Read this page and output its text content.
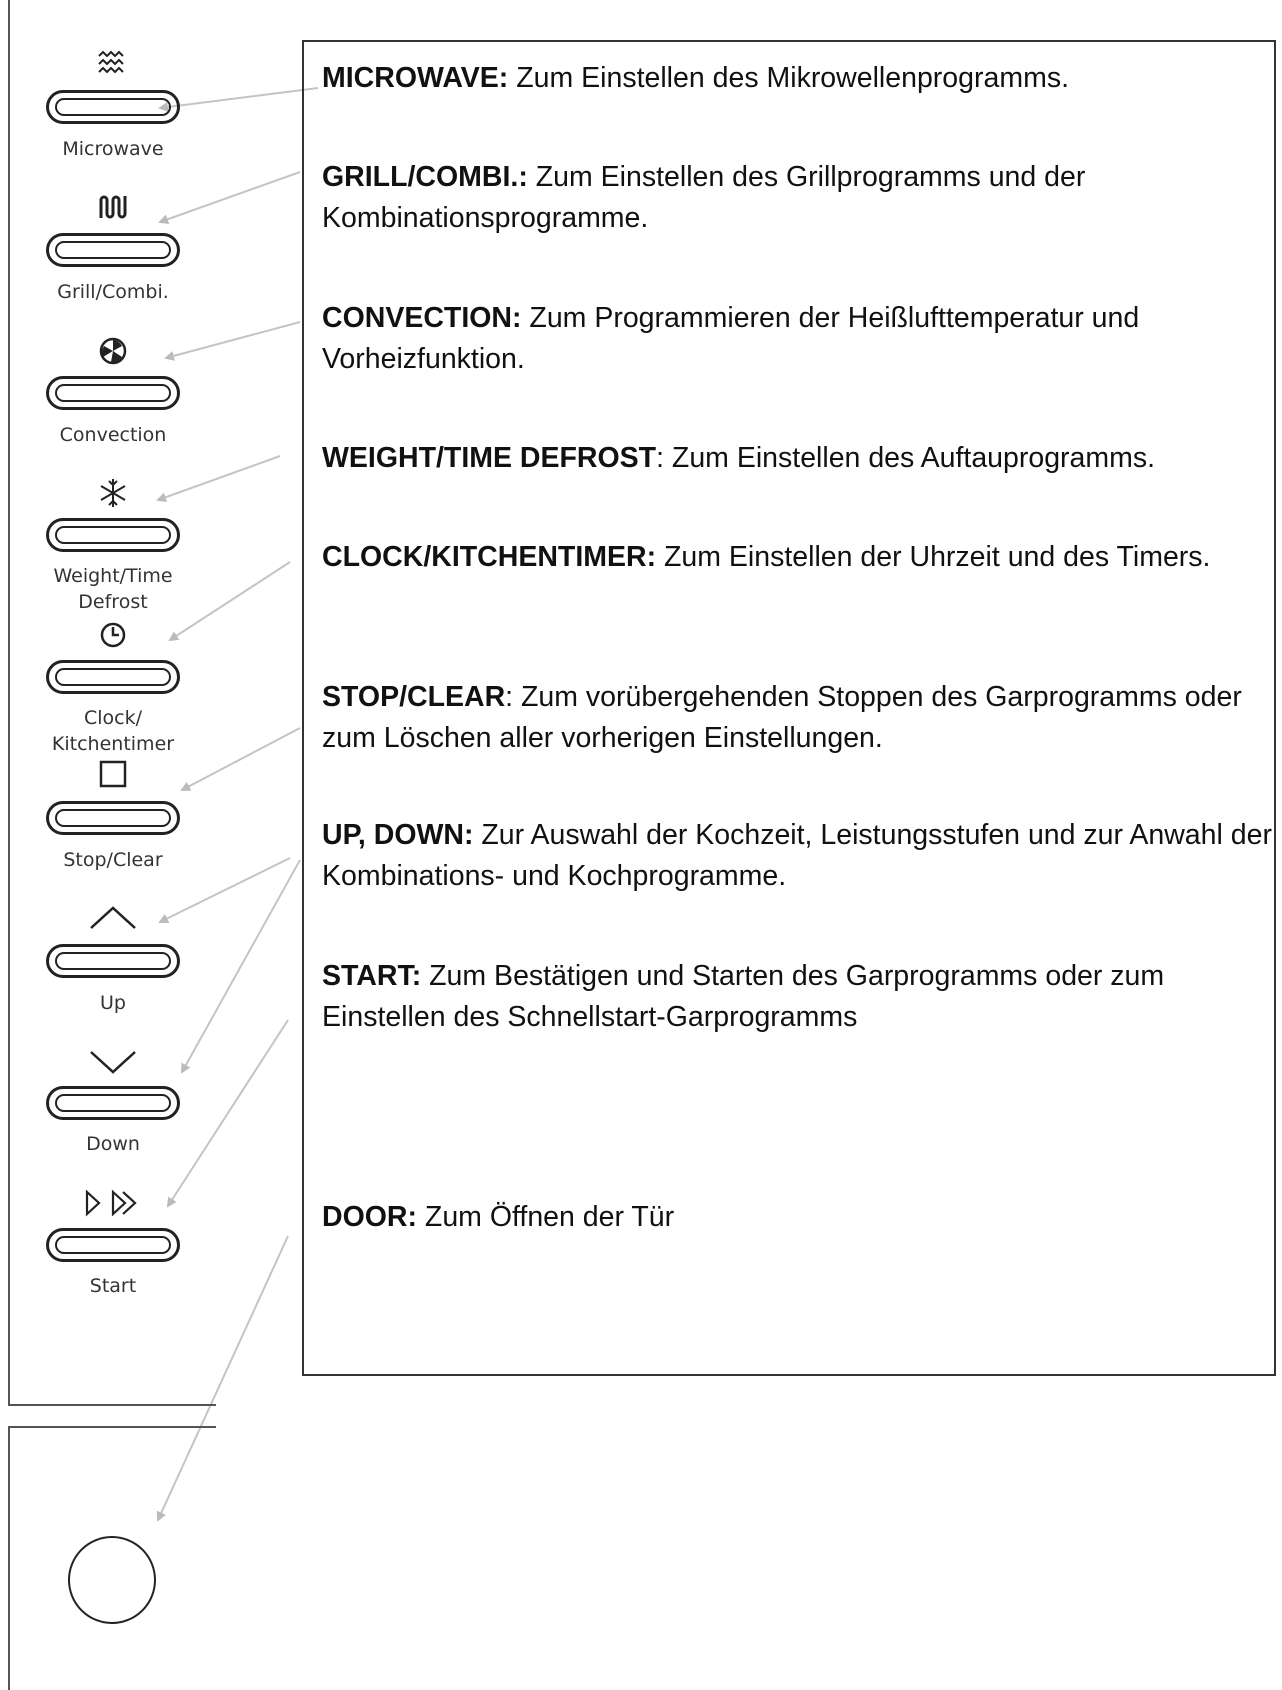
Microwave
Grill/Combi.
Convection
Weight/Time
Defrost
Clock/
Kitchentimer
Stop/Clear
Up
Down
Start
MICROWAVE: Zum Einstellen des Mikrowellenprogramms.
GRILL/COMBI.: Zum Einstellen des Grillprogramms und der Kombinationsprogramme.
CONVECTION: Zum Programmieren der Heißlufttemperatur und Vorheizfunktion.
WEIGHT/TIME DEFROST: Zum Einstellen des Auftauprogramms.
CLOCK/KITCHENTIMER: Zum Einstellen der Uhrzeit und des Timers.
STOP/CLEAR: Zum vorübergehenden Stoppen des Garprogramms oder zum Löschen aller vorherigen Einstellungen.
UP, DOWN: Zur Auswahl der Kochzeit, Leistungsstufen und zur Anwahl der Kombinations- und Kochprogramme.
START: Zum Bestätigen und Starten des Garprogramms oder zum Einstellen des Schnellstart-Garprogramms
DOOR: Zum Öffnen der Tür
